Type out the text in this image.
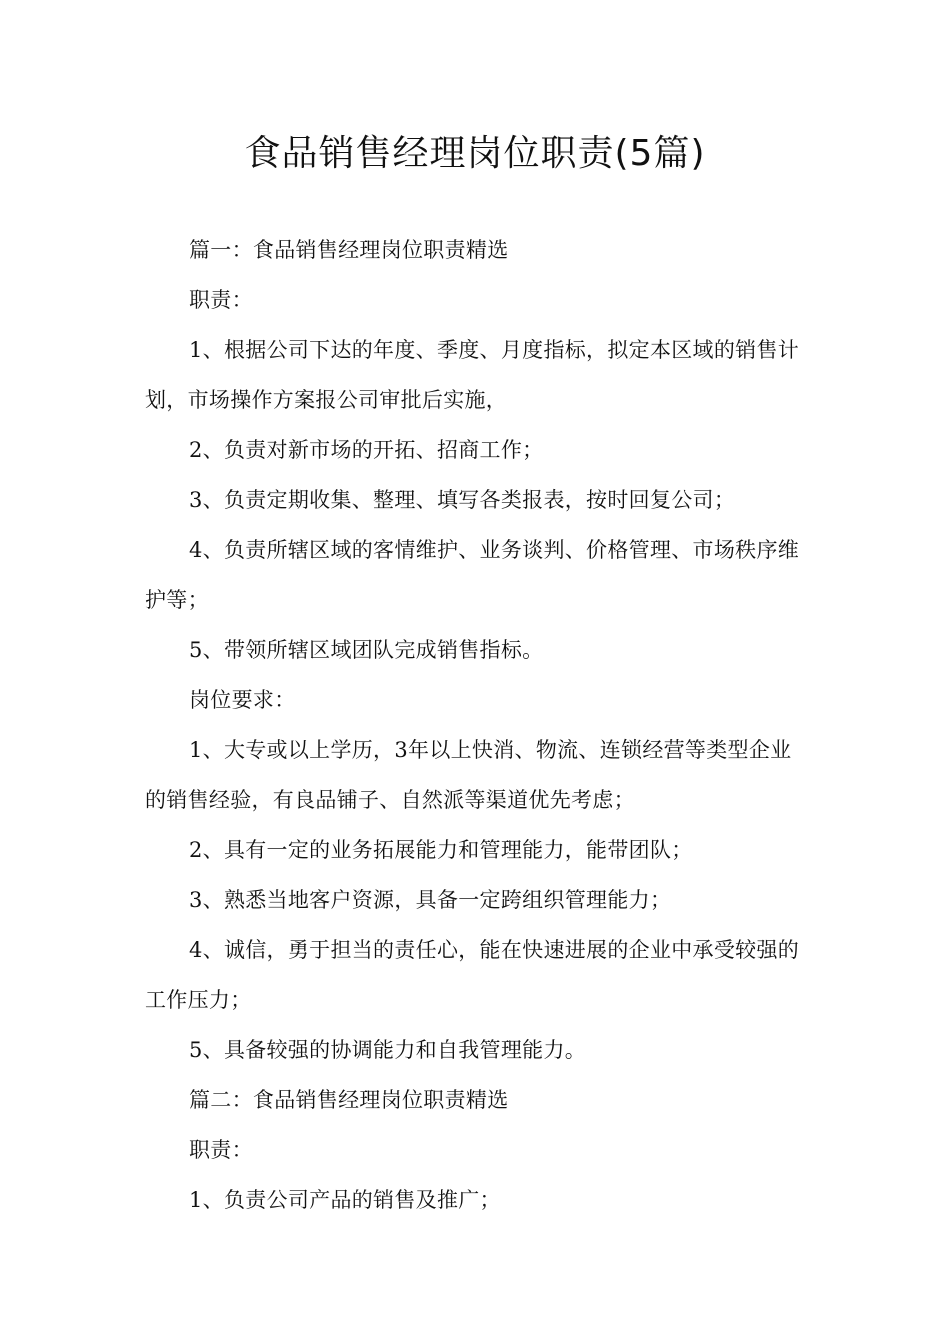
食品销售经理岗位职责(5篇)

篇一：食品销售经理岗位职责精选

职责：

1、根据公司下达的年度、季度、月度指标，拟定本区域的销售计划，市场操作方案报公司审批后实施，

2、负责对新市场的开拓、招商工作；

3、负责定期收集、整理、填写各类报表，按时回复公司；

4、负责所辖区域的客情维护、业务谈判、价格管理、市场秩序维护等；

5、带领所辖区域团队完成销售指标。

岗位要求：

1、大专或以上学历，3年以上快消、物流、连锁经营等类型企业的销售经验，有良品铺子、自然派等渠道优先考虑；

2、具有一定的业务拓展能力和管理能力，能带团队；

3、熟悉当地客户资源，具备一定跨组织管理能力；

4、诚信，勇于担当的责任心，能在快速进展的企业中承受较强的工作压力；

5、具备较强的协调能力和自我管理能力。

篇二：食品销售经理岗位职责精选

职责：

1、负责公司产品的销售及推广；
